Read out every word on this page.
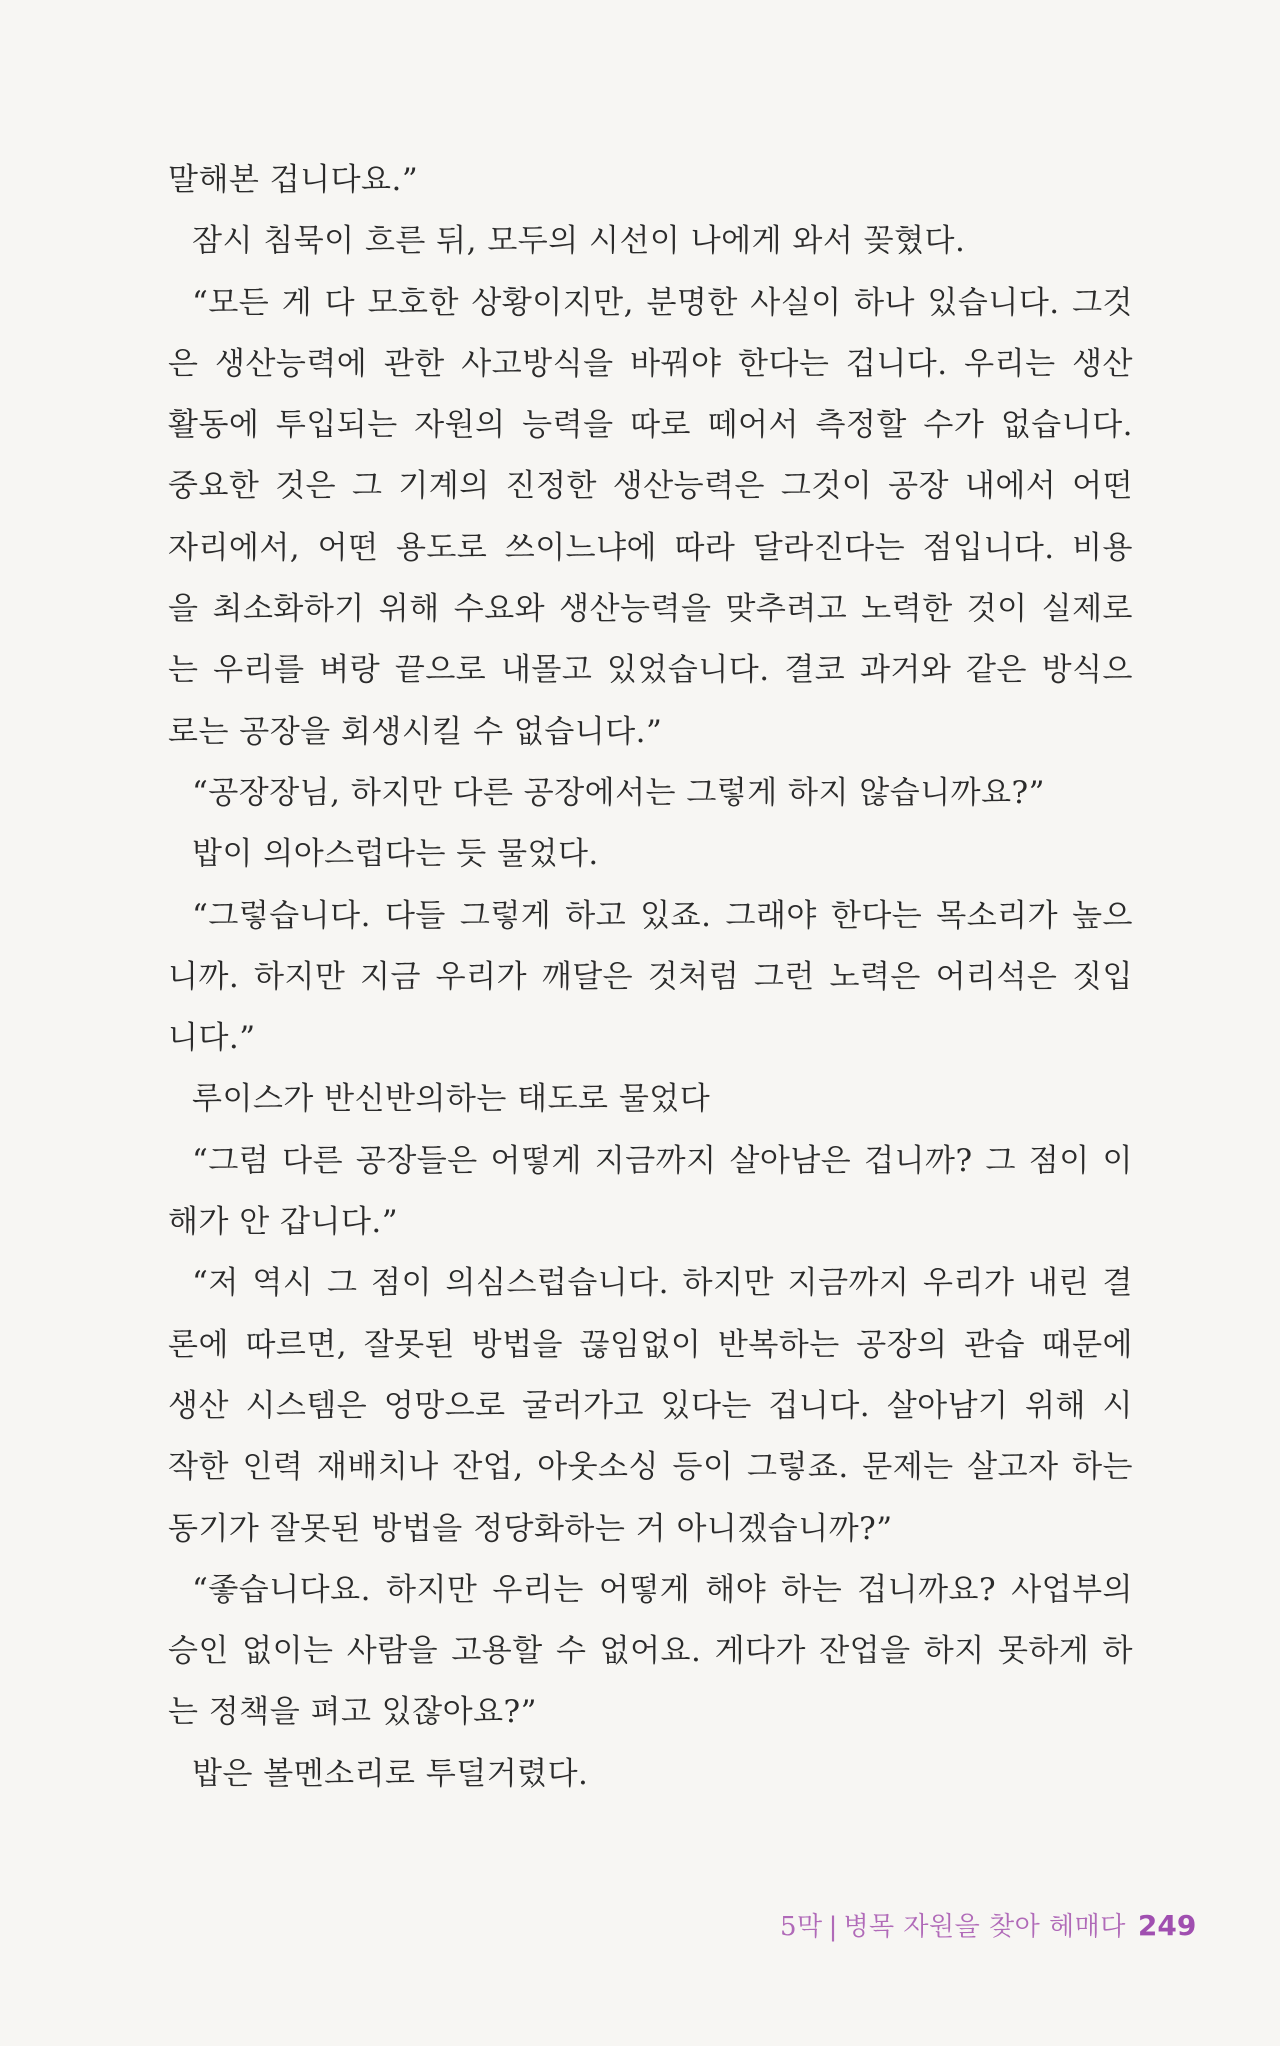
말해본 겁니다요.”
잠시 침묵이 흐른 뒤, 모두의 시선이 나에게 와서 꽂혔다.
“모든 게 다 모호한 상황이지만, 분명한 사실이 하나 있습니다. 그것
은 생산능력에 관한 사고방식을 바꿔야 한다는 겁니다. 우리는 생산
활동에 투입되는 자원의 능력을 따로 떼어서 측정할 수가 없습니다.
중요한 것은 그 기계의 진정한 생산능력은 그것이 공장 내에서 어떤
자리에서, 어떤 용도로 쓰이느냐에 따라 달라진다는 점입니다. 비용
을 최소화하기 위해 수요와 생산능력을 맞추려고 노력한 것이 실제로
는 우리를 벼랑 끝으로 내몰고 있었습니다. 결코 과거와 같은 방식으
로는 공장을 회생시킬 수 없습니다.”
“공장장님, 하지만 다른 공장에서는 그렇게 하지 않습니까요?”
밥이 의아스럽다는 듯 물었다.
“그렇습니다. 다들 그렇게 하고 있죠. 그래야 한다는 목소리가 높으
니까. 하지만 지금 우리가 깨달은 것처럼 그런 노력은 어리석은 짓입
니다.”
루이스가 반신반의하는 태도로 물었다
“그럼 다른 공장들은 어떻게 지금까지 살아남은 겁니까? 그 점이 이
해가 안 갑니다.”
“저 역시 그 점이 의심스럽습니다. 하지만 지금까지 우리가 내린 결
론에 따르면, 잘못된 방법을 끊임없이 반복하는 공장의 관습 때문에
생산 시스템은 엉망으로 굴러가고 있다는 겁니다. 살아남기 위해 시
작한 인력 재배치나 잔업, 아웃소싱 등이 그렇죠. 문제는 살고자 하는
동기가 잘못된 방법을 정당화하는 거 아니겠습니까?”
“좋습니다요. 하지만 우리는 어떻게 해야 하는 겁니까요? 사업부의
승인 없이는 사람을 고용할 수 없어요. 게다가 잔업을 하지 못하게 하
는 정책을 펴고 있잖아요?”
밥은 볼멘소리로 투덜거렸다.
5막 | 병목 자원을 찾아 헤매다 249
